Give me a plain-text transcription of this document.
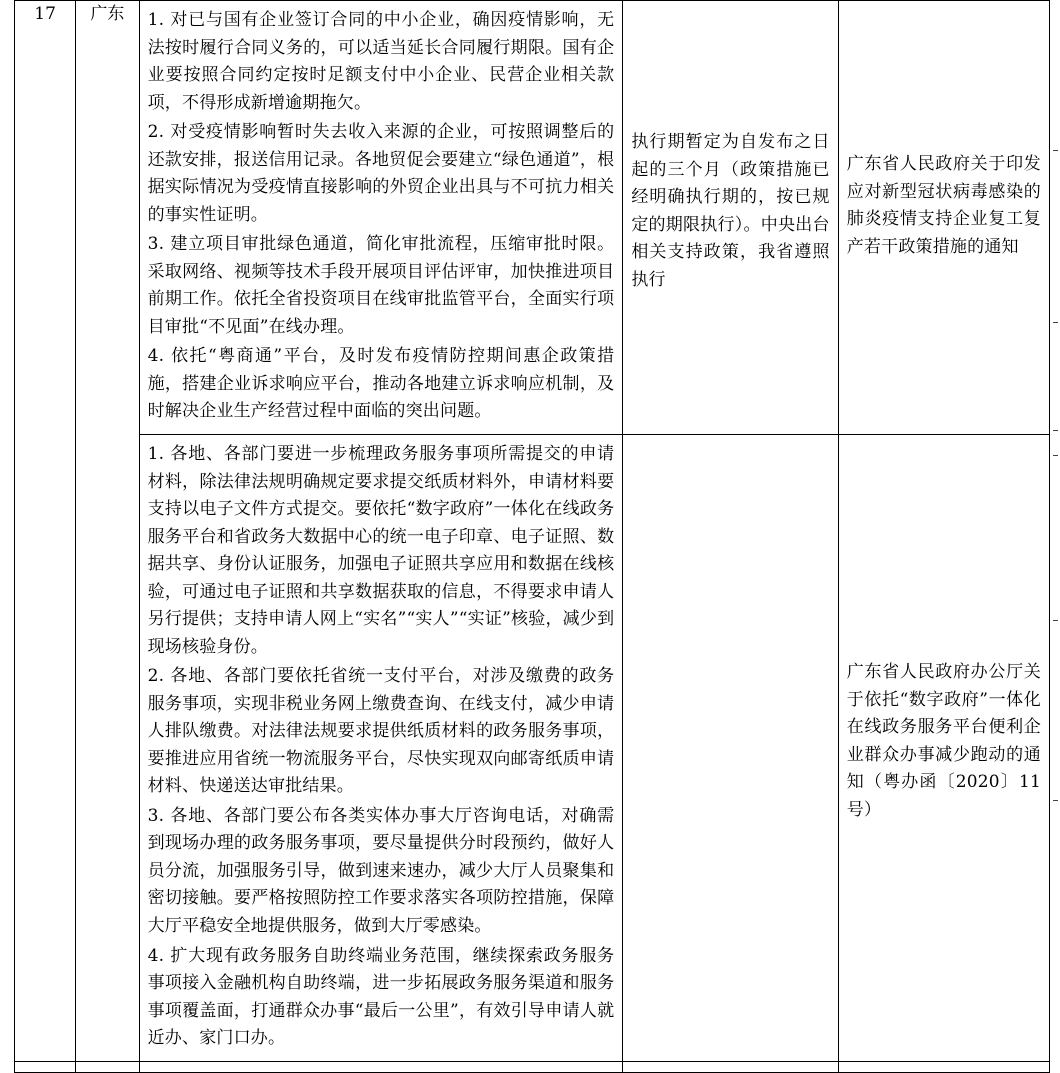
17	广东	1. 对已与国有企业签订合同的中小企业，确因疫情影响，无法按时履行合同义务的，可以适当延长合同履行期限。国有企业要按照合同约定按时足额支付中小企业、民营企业相关款项，不得形成新增逾期拖欠。

2. 对受疫情影响暂时失去收入来源的企业，可按照调整后的还款安排，报送信用记录。各地贸促会要建立“绿色通道”，根据实际情况为受疫情直接影响的外贸企业出具与不可抗力相关的事实性证明。

3. 建立项目审批绿色通道，简化审批流程，压缩审批时限。采取网络、视频等技术手段开展项目评估评审，加快推进项目前期工作。依托全省投资项目在线审批监管平台，全面实行项目审批“不见面”在线办理。

4. 依托“粤商通”平台，及时发布疫情防控期间惠企政策措施，搭建企业诉求响应平台，推动各地建立诉求响应机制，及时解决企业生产经营过程中面临的突出问题。	执行期暂定为自发布之日起的三个月（政策措施已经明确执行期的，按已规定的期限执行）。中央出台相关支持政策，我省遵照执行	广东省人民政府关于印发应对新型冠状病毒感染的肺炎疫情支持企业复工复产若干政策措施的通知

		1. 各地、各部门要进一步梳理政务服务事项所需提交的申请材料，除法律法规明确规定要求提交纸质材料外，申请材料要支持以电子文件方式提交。要依托“数字政府”一体化在线政务服务平台和省政务大数据中心的统一电子印章、电子证照、数据共享、身份认证服务，加强电子证照共享应用和数据在线核验，可通过电子证照和共享数据获取的信息，不得要求申请人另行提供；支持申请人网上“实名”“实人”“实证”核验，减少到现场核验身份。

2. 各地、各部门要依托省统一支付平台，对涉及缴费的政务服务事项，实现非税业务网上缴费查询、在线支付，减少申请人排队缴费。对法律法规要求提供纸质材料的政务服务事项，要推进应用省统一物流服务平台，尽快实现双向邮寄纸质申请材料、快递送达审批结果。

3. 各地、各部门要公布各类实体办事大厅咨询电话，对确需到现场办理的政务服务事项，要尽量提供分时段预约，做好人员分流，加强服务引导，做到速来速办，减少大厅人员聚集和密切接触。要严格按照防控工作要求落实各项防控措施，保障大厅平稳安全地提供服务，做到大厅零感染。

4. 扩大现有政务服务自助终端业务范围，继续探索政务服务事项接入金融机构自助终端，进一步拓展政务服务渠道和服务事项覆盖面，打通群众办事“最后一公里”，有效引导申请人就近办、家门口办。		广东省人民政府办公厅关于依托“数字政府”一体化在线政务服务平台便利企业群众办事减少跑动的通知（粤办函〔2020〕11号）
